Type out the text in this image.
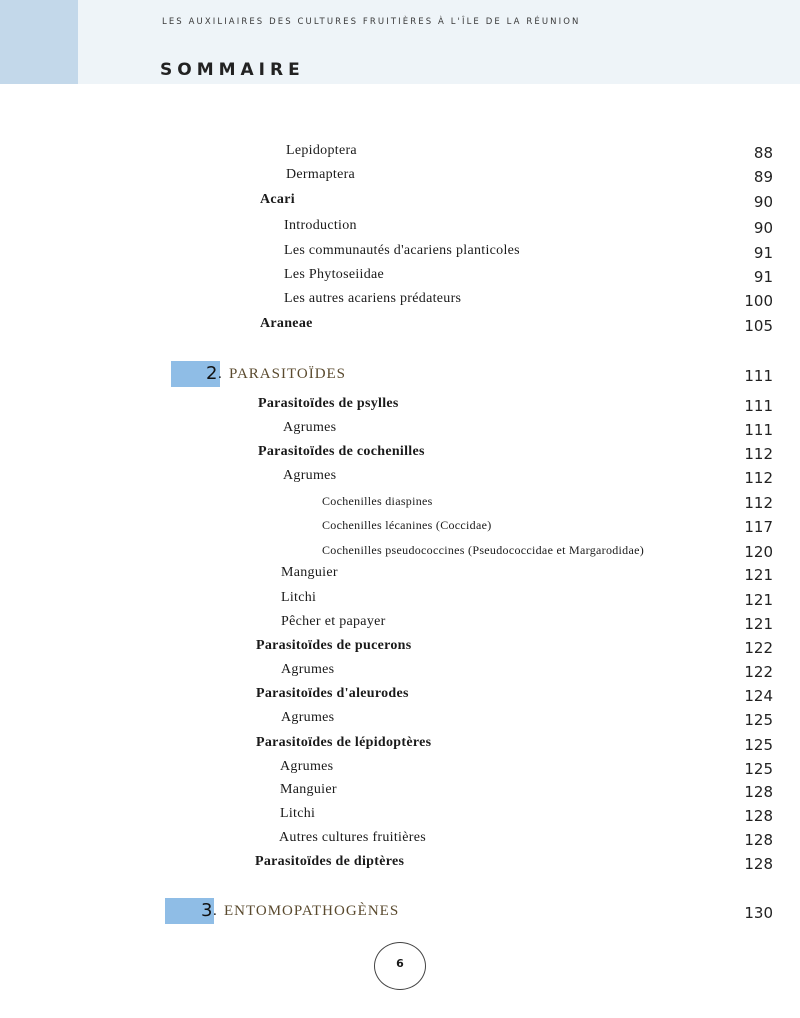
LES AUXILIAIRES DES CULTURES FRUITIÈRES À L'ÎLE DE LA RÉUNION
SOMMAIRE
Lepidoptera	88
Dermaptera	89
Acari	90
Introduction	90
Les communautés d'acariens planticoles	91
Les Phytoseiidae	91
Les autres acariens prédateurs	100
Araneae	105
2 . PARASITOÏDES	111
Parasitoïdes de psylles	111
Agrumes	111
Parasitoïdes de cochenilles	112
Agrumes	112
Cochenilles diaspines	112
Cochenilles lécanines (Coccidae)	117
Cochenilles pseudococcines (Pseudococcidae et Margarodidae)	120
Manguier	121
Litchi	121
Pêcher et papayer	121
Parasitoïdes de pucerons	122
Agrumes	122
Parasitoïdes d'aleurodes	124
Agrumes	125
Parasitoïdes de lépidoptères	125
Agrumes	125
Manguier	128
Litchi	128
Autres cultures fruitières	128
Parasitoïdes de diptères	128
3 . ENTOMOPATHOGÈNES	130
6
